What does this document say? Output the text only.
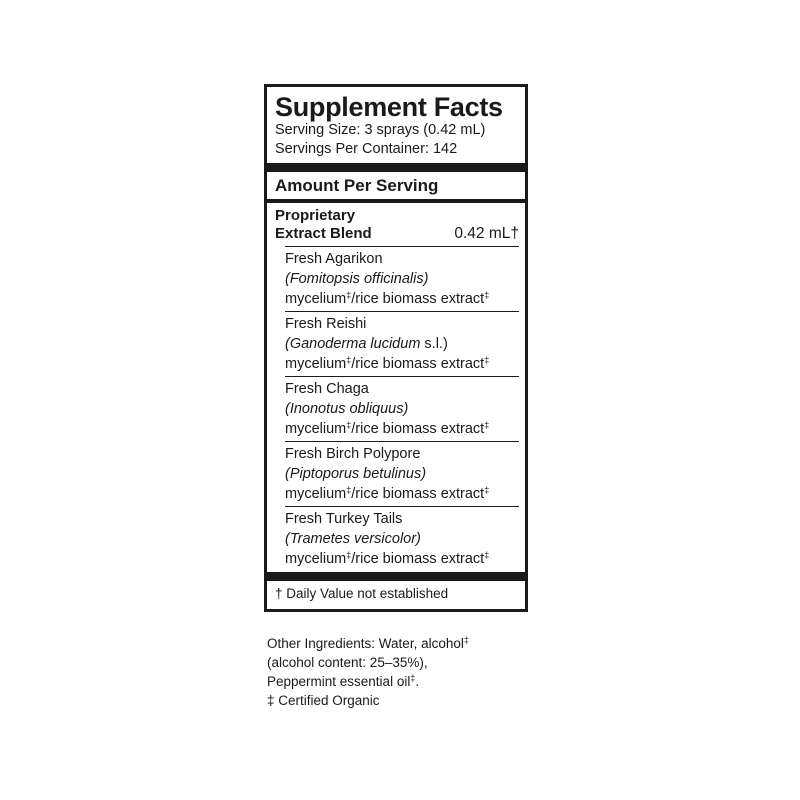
Supplement Facts
Serving Size: 3 sprays (0.42 mL)
Servings Per Container: 142
Amount Per Serving
Proprietary
Extract Blend	0.42 mL†
Fresh Agarikon
(Fomitopsis officinalis)
mycelium‡/rice biomass extract‡
Fresh Reishi
(Ganoderma lucidum s.l.)
mycelium‡/rice biomass extract‡
Fresh Chaga
(Inonotus obliquus)
mycelium‡/rice biomass extract‡
Fresh Birch Polypore
(Piptoporus betulinus)
mycelium‡/rice biomass extract‡
Fresh Turkey Tails
(Trametes versicolor)
mycelium‡/rice biomass extract‡
† Daily Value not established
Other Ingredients: Water, alcohol‡
(alcohol content: 25–35%),
Peppermint essential oil‡.
‡ Certified Organic
